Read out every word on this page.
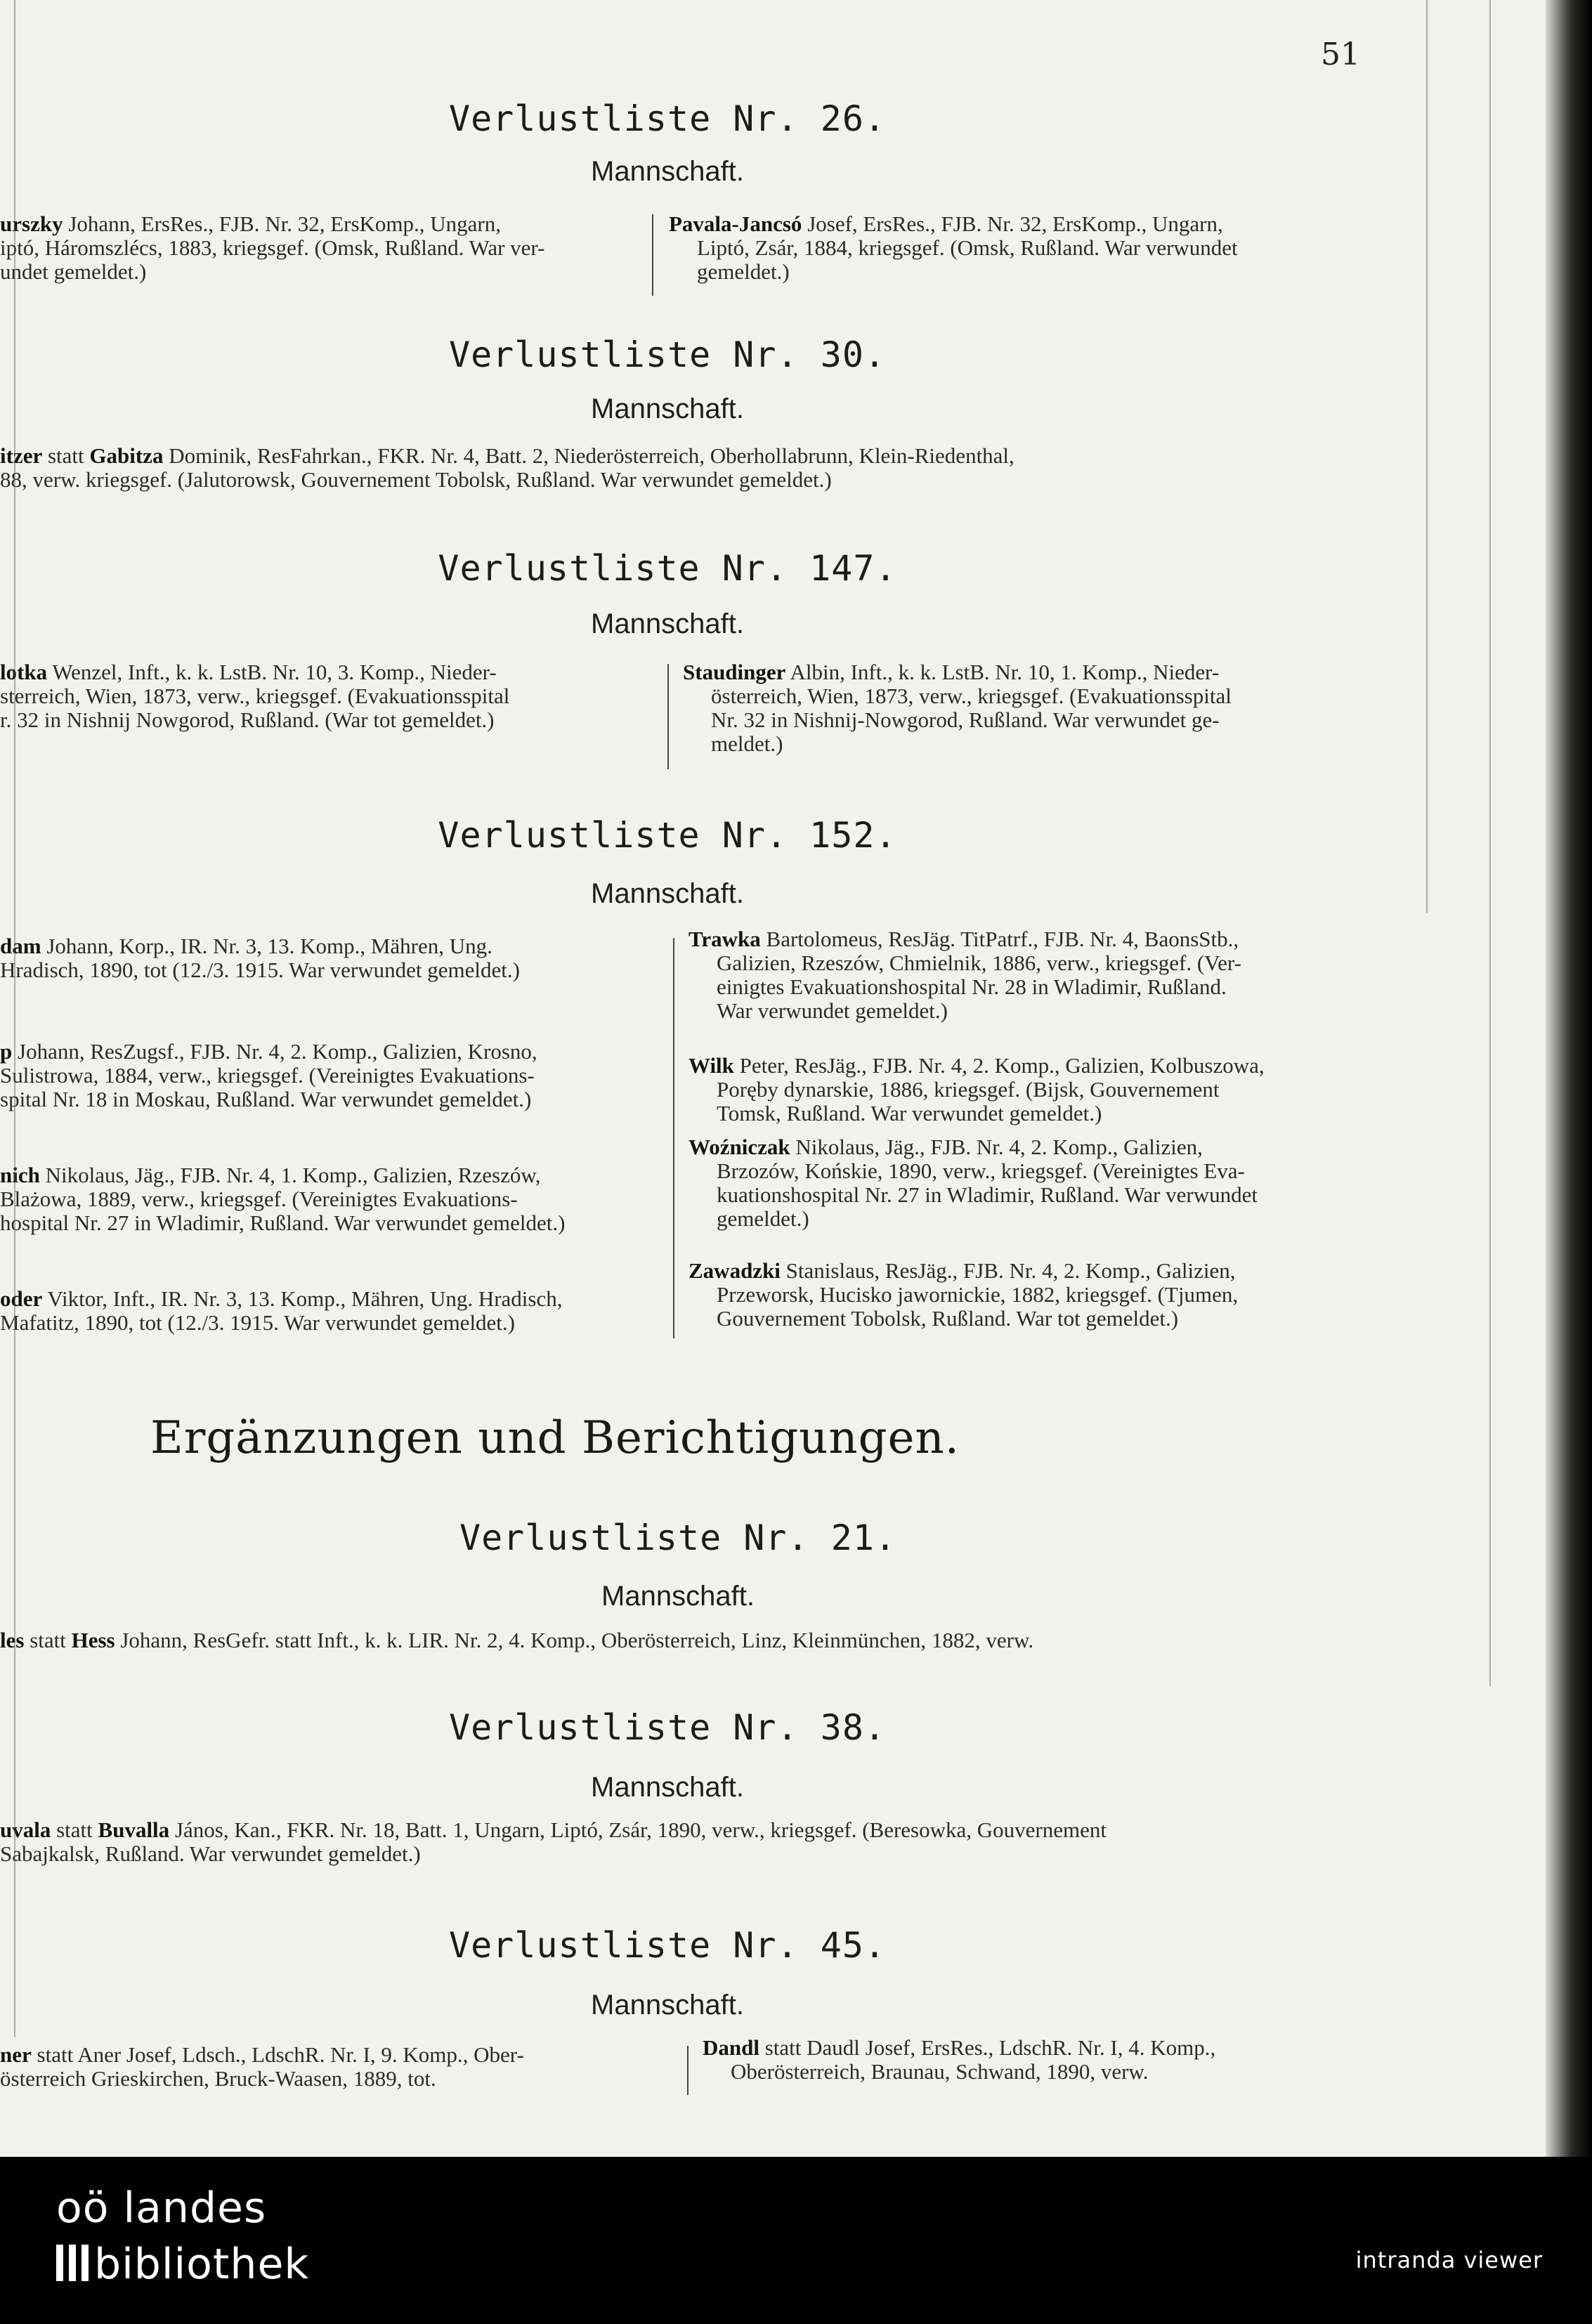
51
Verlustliste Nr. 26.
Mannschaft.
urszky Johann, ErsRes., FJB. Nr. 32, ErsKomp., Ungarn,
iptó, Háromszlécs, 1883, kriegsgef. (Omsk, Rußland. War ver-
undet gemeldet.)
Pavala-Jancsó Josef, ErsRes., FJB. Nr. 32, ErsKomp., Ungarn,
Liptó, Zsár, 1884, kriegsgef. (Omsk, Rußland. War verwundet
gemeldet.)
Verlustliste Nr. 30.
Mannschaft.
itzer statt Gabitza Dominik, ResFahrkan., FKR. Nr. 4, Batt. 2, Niederösterreich, Oberhollabrunn, Klein-Riedenthal,
88, verw. kriegsgef. (Jalutorowsk, Gouvernement Tobolsk, Rußland. War verwundet gemeldet.)
Verlustliste Nr. 147.
Mannschaft.
lotka Wenzel, Inft., k. k. LstB. Nr. 10, 3. Komp., Nieder-
sterreich, Wien, 1873, verw., kriegsgef. (Evakuationsspital
r. 32 in Nishnij Nowgorod, Rußland. (War tot gemeldet.)
Staudinger Albin, Inft., k. k. LstB. Nr. 10, 1. Komp., Nieder-
österreich, Wien, 1873, verw., kriegsgef. (Evakuationsspital
Nr. 32 in Nishnij-Nowgorod, Rußland. War verwundet ge-
meldet.)
Verlustliste Nr. 152.
Mannschaft.
dam Johann, Korp., IR. Nr. 3, 13. Komp., Mähren, Ung.
Hradisch, 1890, tot (12./3. 1915. War verwundet gemeldet.)
p Johann, ResZugsf., FJB. Nr. 4, 2. Komp., Galizien, Krosno,
Sulistrowa, 1884, verw., kriegsgef. (Vereinigtes Evakuations-
spital Nr. 18 in Moskau, Rußland. War verwundet gemeldet.)
nich Nikolaus, Jäg., FJB. Nr. 4, 1. Komp., Galizien, Rzeszów,
Blażowa, 1889, verw., kriegsgef. (Vereinigtes Evakuations-
hospital Nr. 27 in Wladimir, Rußland. War verwundet gemeldet.)
oder Viktor, Inft., IR. Nr. 3, 13. Komp., Mähren, Ung. Hradisch,
Mafatitz, 1890, tot (12./3. 1915. War verwundet gemeldet.)
Trawka Bartolomeus, ResJäg. TitPatrf., FJB. Nr. 4, BaonsStb.,
Galizien, Rzeszów, Chmielnik, 1886, verw., kriegsgef. (Ver-
einigtes Evakuationshospital Nr. 28 in Wladimir, Rußland.
War verwundet gemeldet.)
Wilk Peter, ResJäg., FJB. Nr. 4, 2. Komp., Galizien, Kolbuszowa,
Poręby dynarskie, 1886, kriegsgef. (Bijsk, Gouvernement
Tomsk, Rußland. War verwundet gemeldet.)
Woźniczak Nikolaus, Jäg., FJB. Nr. 4, 2. Komp., Galizien,
Brzozów, Końskie, 1890, verw., kriegsgef. (Vereinigtes Eva-
kuationshospital Nr. 27 in Wladimir, Rußland. War verwundet
gemeldet.)
Zawadzki Stanislaus, ResJäg., FJB. Nr. 4, 2. Komp., Galizien,
Przeworsk, Hucisko jawornickie, 1882, kriegsgef. (Tjumen,
Gouvernement Tobolsk, Rußland. War tot gemeldet.)
Ergänzungen und Berichtigungen.
Verlustliste Nr. 21.
Mannschaft.
les statt Hess Johann, ResGefr. statt Inft., k. k. LIR. Nr. 2, 4. Komp., Oberösterreich, Linz, Kleinmünchen, 1882, verw.
Verlustliste Nr. 38.
Mannschaft.
uvala statt Buvalla János, Kan., FKR. Nr. 18, Batt. 1, Ungarn, Liptó, Zsár, 1890, verw., kriegsgef. (Beresowka, Gouvernement
Sabajkalsk, Rußland. War verwundet gemeldet.)
Verlustliste Nr. 45.
Mannschaft.
ner statt Aner Josef, Ldsch., LdschR. Nr. I, 9. Komp., Ober-
österreich Grieskirchen, Bruck-Waasen, 1889, tot.
Dandl statt Daudl Josef, ErsRes., LdschR. Nr. I, 4. Komp.,
Oberösterreich, Braunau, Schwand, 1890, verw.
oö landes
bibliothek	intranda viewer
